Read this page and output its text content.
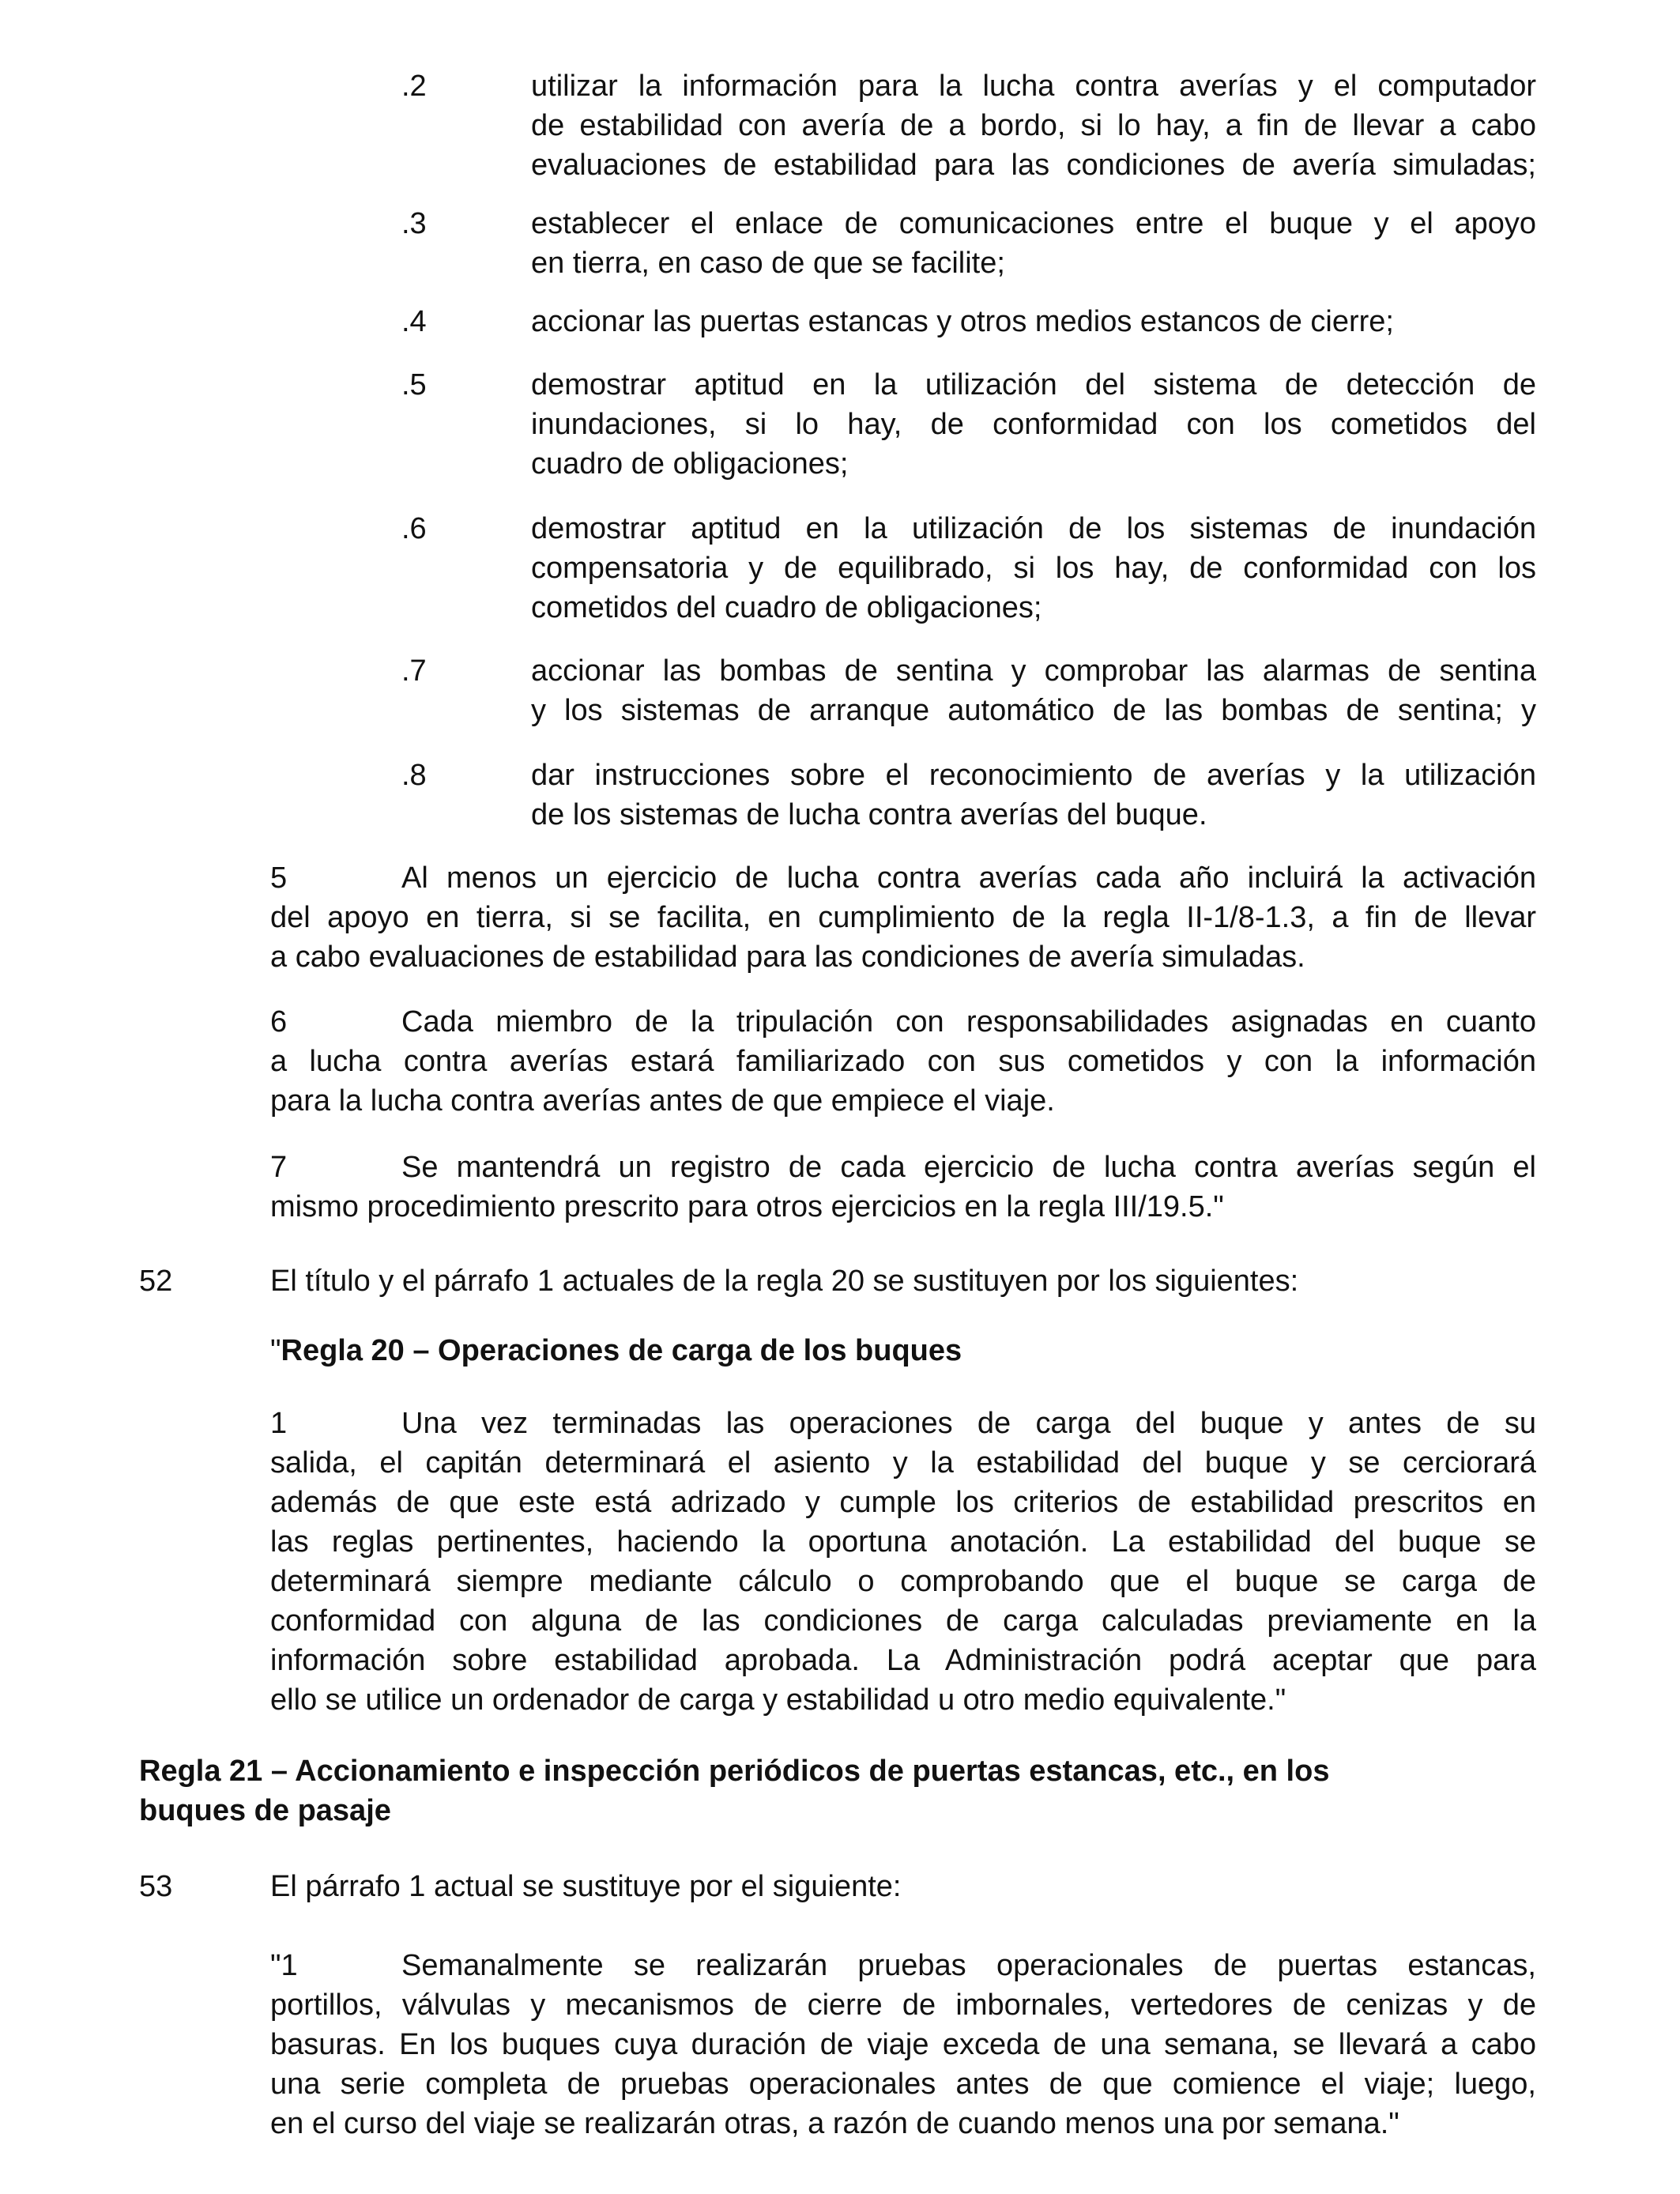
.2	utilizar la información para la lucha contra averías y el computador
de estabilidad con avería de a bordo, si lo hay, a fin de llevar a cabo
evaluaciones de estabilidad para las condiciones de avería simuladas;
.3	establecer el enlace de comunicaciones entre el buque y el apoyo
en tierra, en caso de que se facilite;
.4	accionar las puertas estancas y otros medios estancos de cierre;
.5	demostrar aptitud en la utilización del sistema de detección de
inundaciones, si lo hay, de conformidad con los cometidos del
cuadro de obligaciones;
.6	demostrar aptitud en la utilización de los sistemas de inundación
compensatoria y de equilibrado, si los hay, de conformidad con los
cometidos del cuadro de obligaciones;
.7	accionar las bombas de sentina y comprobar las alarmas de sentina
y los sistemas de arranque automático de las bombas de sentina; y
.8	dar instrucciones sobre el reconocimiento de averías y la utilización
de los sistemas de lucha contra averías del buque.
5	Al menos un ejercicio de lucha contra averías cada año incluirá la activación
del apoyo en tierra, si se facilita, en cumplimiento de la regla II-1/8-1.3, a fin de llevar
a cabo evaluaciones de estabilidad para las condiciones de avería simuladas.
6	Cada miembro de la tripulación con responsabilidades asignadas en cuanto
a lucha contra averías estará familiarizado con sus cometidos y con la información
para la lucha contra averías antes de que empiece el viaje.
7	Se mantendrá un registro de cada ejercicio de lucha contra averías según el
mismo procedimiento prescrito para otros ejercicios en la regla III/19.5."
52	El título y el párrafo 1 actuales de la regla 20 se sustituyen por los siguientes:
"Regla 20 – Operaciones de carga de los buques
1	Una vez terminadas las operaciones de carga del buque y antes de su
salida, el capitán determinará el asiento y la estabilidad del buque y se cerciorará
además de que este está adrizado y cumple los criterios de estabilidad prescritos en
las reglas pertinentes, haciendo la oportuna anotación. La estabilidad del buque se
determinará siempre mediante cálculo o comprobando que el buque se carga de
conformidad con alguna de las condiciones de carga calculadas previamente en la
información sobre estabilidad aprobada. La Administración podrá aceptar que para
ello se utilice un ordenador de carga y estabilidad u otro medio equivalente."
Regla 21 – Accionamiento e inspección periódicos de puertas estancas, etc., en los
buques de pasaje
53	El párrafo 1 actual se sustituye por el siguiente:
"1	Semanalmente se realizarán pruebas operacionales de puertas estancas,
portillos, válvulas y mecanismos de cierre de imbornales, vertedores de cenizas y de
basuras. En los buques cuya duración de viaje exceda de una semana, se llevará a cabo
una serie completa de pruebas operacionales antes de que comience el viaje; luego,
en el curso del viaje se realizarán otras, a razón de cuando menos una por semana."
